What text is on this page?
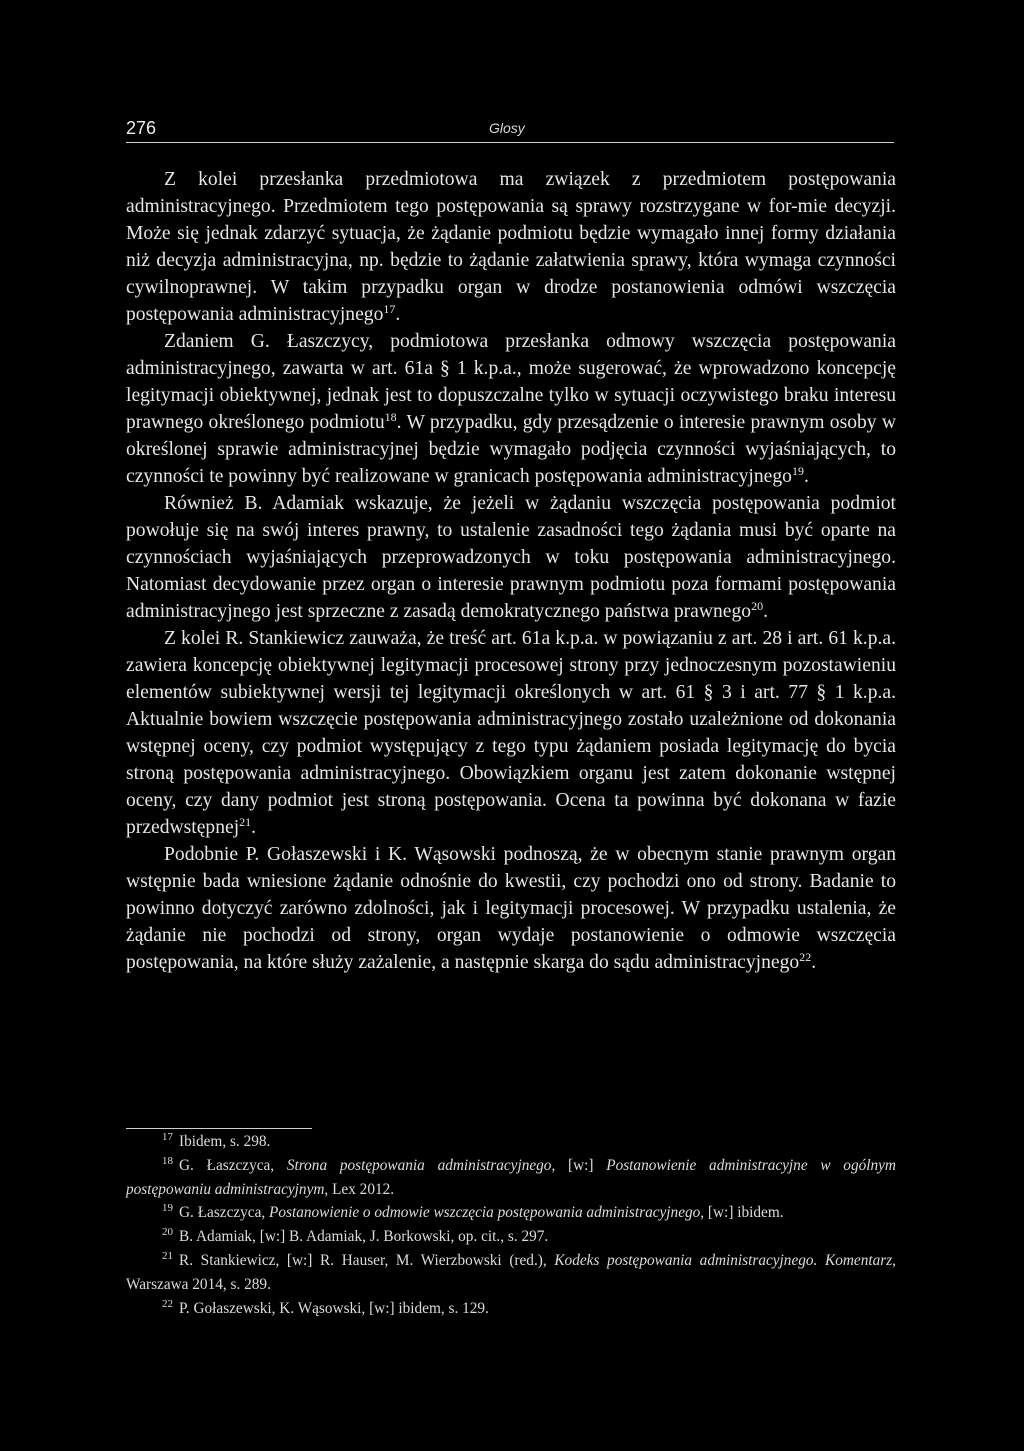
276	Glosy

Z kolei przesłanka przedmiotowa ma związek z przedmiotem postępowania administracyjnego. Przedmiotem tego postępowania są sprawy rozstrzygane w for-mie decyzji. Może się jednak zdarzyć sytuacja, że żądanie podmiotu będzie wymagało innej formy działania niż decyzja administracyjna, np. będzie to żądanie załatwienia sprawy, która wymaga czynności cywilnoprawnej. W takim przypadku organ w drodze postanowienia odmówi wszczęcia postępowania administracyjnego$^{17}$.

Zdaniem G. Łaszczycy, podmiotowa przesłanka odmowy wszczęcia postępowania administracyjnego, zawarta w art. 61a § 1 k.p.a., może sugerować, że wprowadzono koncepcję legitymacji obiektywnej, jednak jest to dopuszczalne tylko w sytuacji oczywistego braku interesu prawnego określonego podmiotu$^{18}$. W przypadku, gdy przesądzenie o interesie prawnym osoby w określonej sprawie administracyjnej będzie wymagało podjęcia czynności wyjaśniających, to czynności te powinny być realizowane w granicach postępowania administracyjnego$^{19}$.

Również B. Adamiak wskazuje, że jeżeli w żądaniu wszczęcia postępowania podmiot powołuje się na swój interes prawny, to ustalenie zasadności tego żądania musi być oparte na czynnościach wyjaśniających przeprowadzonych w toku postępowania administracyjnego. Natomiast decydowanie przez organ o interesie prawnym podmiotu poza formami postępowania administracyjnego jest sprzeczne z zasadą demokratycznego państwa prawnego$^{20}$.

Z kolei R. Stankiewicz zauważa, że treść art. 61a k.p.a. w powiązaniu z art. 28 i art. 61 k.p.a. zawiera koncepcję obiektywnej legitymacji procesowej strony przy jednoczesnym pozostawieniu elementów subiektywnej wersji tej legitymacji określonych w art. 61 § 3 i art. 77 § 1 k.p.a. Aktualnie bowiem wszczęcie postępowania administracyjnego zostało uzależnione od dokonania wstępnej oceny, czy podmiot występujący z tego typu żądaniem posiada legitymację do bycia stroną postępowania administracyjnego. Obowiązkiem organu jest zatem dokonanie wstępnej oceny, czy dany podmiot jest stroną postępowania. Ocena ta powinna być dokonana w fazie przedwstępnej$^{21}$.

Podobnie P. Gołaszewski i K. Wąsowski podnoszą, że w obecnym stanie prawnym organ wstępnie bada wniesione żądanie odnośnie do kwestii, czy pochodzi ono od strony. Badanie to powinno dotyczyć zarówno zdolności, jak i legitymacji procesowej. W przypadku ustalenia, że żądanie nie pochodzi od strony, organ wydaje postanowienie o odmowie wszczęcia postępowania, na które służy zażalenie, a następnie skarga do sądu administracyjnego$^{22}$.

$^{17}$ Ibidem, s. 298.

$^{18}$ G. Łaszczyca, Strona postępowania administracyjnego, [w:] Postanowienie administracyjne w ogólnym postępowaniu administracyjnym, Lex 2012.

$^{19}$ G. Łaszczyca, Postanowienie o odmowie wszczęcia postępowania administracyjnego, [w:] ibidem.

$^{20}$ B. Adamiak, [w:] B. Adamiak, J. Borkowski, op. cit., s. 297.

$^{21}$ R. Stankiewicz, [w:] R. Hauser, M. Wierzbowski (red.), Kodeks postępowania administracyjnego. Komentarz, Warszawa 2014, s. 289.

$^{22}$ P. Gołaszewski, K. Wąsowski, [w:] ibidem, s. 129.
